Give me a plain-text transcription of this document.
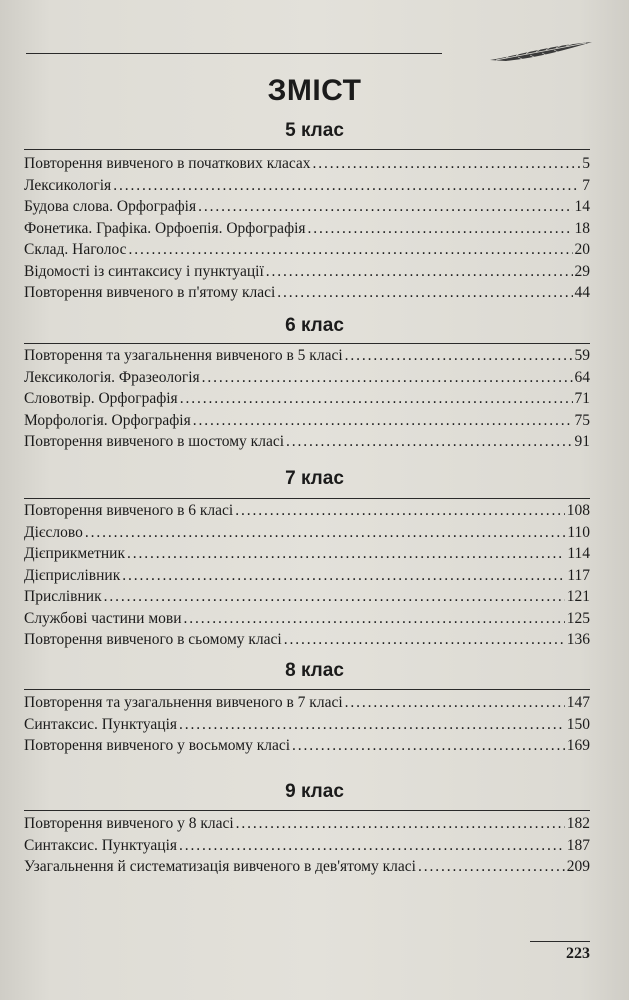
ЗМІСТ
5 клас
Повторення вивченого в початкових класах . . .	5
Лексикологія . . .	7
Будова слова. Орфографія . . .	14
Фонетика. Графіка. Орфоепія. Орфографія . . .	18
Склад. Наголос . . .	20
Відомості із синтаксису і пунктуації . . .	29
Повторення вивченого в п'ятому класі . . .	44
6 клас
Повторення та узагальнення вивченого в 5 класі . . .	59
Лексикологія. Фразеологія . . .	64
Словотвір. Орфографія . . .	71
Морфологія. Орфографія . . .	75
Повторення вивченого в шостому класі . . .	91
7 клас
Повторення вивченого в 6 класі . . .	108
Дієслово . . .	110
Дієприкметник . . .	114
Дієприслівник . . .	117
Прислівник . . .	121
Службові частини мови . . .	125
Повторення вивченого в сьомому класі . . .	136
8 клас
Повторення та узагальнення вивченого в 7 класі . . .	147
Синтаксис. Пунктуація . . .	150
Повторення вивченого у восьмому класі . . .	169
9 клас
Повторення вивченого у 8 класі . . .	182
Синтаксис. Пунктуація . . .	187
Узагальнення й систематизація вивченого в дев'ятому класі . . .	209
223
